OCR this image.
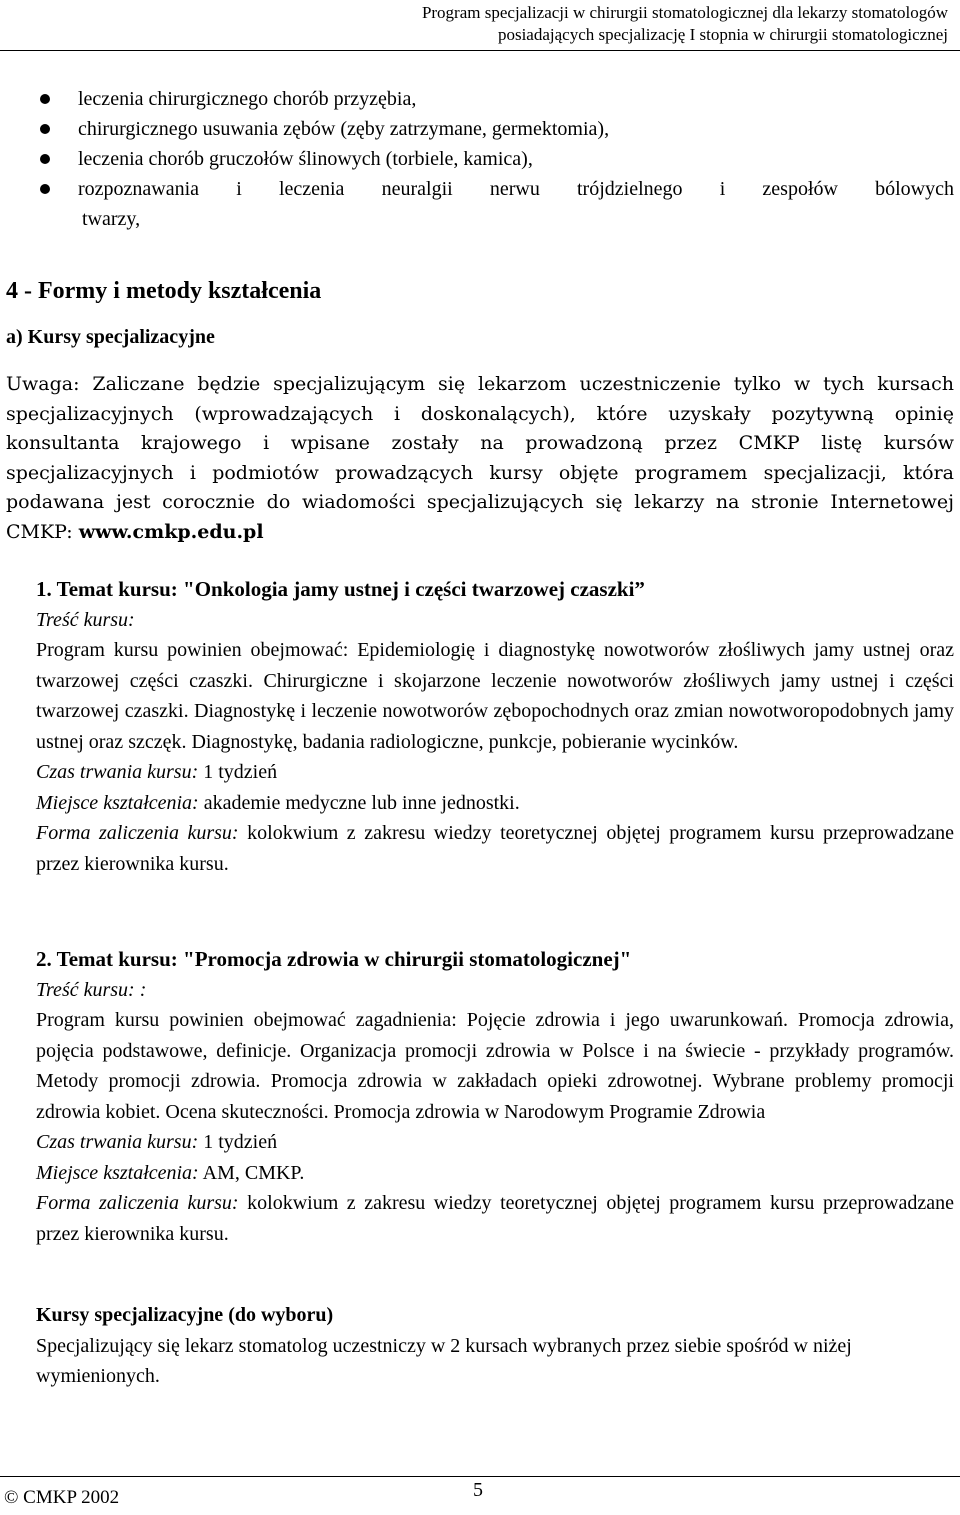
Program specjalizacji w chirurgii stomatologicznej dla lekarzy stomatologów
posiadających specjalizację I stopnia w chirurgii stomatologicznej
leczenia chirurgicznego chorób przyzębia,
chirurgicznego usuwania zębów (zęby zatrzymane, germektomia),
leczenia chorób gruczołów ślinowych (torbiele, kamica),
rozpoznawania i leczenia neuralgii nerwu trójdzielnego i zespołów bólowych
twarzy,
4 - Formy i metody kształcenia
a) Kursy specjalizacyjne
Uwaga: Zaliczane będzie specjalizującym się lekarzom uczestniczenie tylko w tych kursach specjalizacyjnych (wprowadzających i doskonalących), które uzyskały pozytywną opinię konsultanta krajowego i wpisane zostały na prowadzoną przez CMKP listę kursów specjalizacyjnych i podmiotów prowadzących kursy objęte programem specjalizacji, która podawana jest corocznie do wiadomości specjalizujących się lekarzy na stronie Internetowej CMKP: www.cmkp.edu.pl
1. Temat kursu: "Onkologia jamy ustnej i części twarzowej czaszki”
Treść kursu:
Program kursu powinien obejmować: Epidemiologię i diagnostykę nowotworów złośliwych jamy ustnej oraz twarzowej części czaszki. Chirurgiczne i skojarzone leczenie nowotworów złośliwych jamy ustnej i części twarzowej czaszki. Diagnostykę i leczenie nowotworów zębopochodnych oraz zmian nowotworopodobnych jamy ustnej oraz szczęk. Diagnostykę, badania radiologiczne, punkcje, pobieranie wycinków.
Czas trwania kursu: 1 tydzień
Miejsce kształcenia: akademie medyczne lub inne jednostki.
Forma zaliczenia kursu: kolokwium z zakresu wiedzy teoretycznej objętej programem kursu przeprowadzane przez kierownika kursu.
2. Temat kursu: "Promocja zdrowia w chirurgii stomatologicznej"
Treść kursu: :
Program kursu powinien obejmować zagadnienia: Pojęcie zdrowia i jego uwarunkowań. Promocja zdrowia, pojęcia podstawowe, definicje. Organizacja promocji zdrowia w Polsce i na świecie - przykłady programów. Metody promocji zdrowia. Promocja zdrowia w zakładach opieki zdrowotnej. Wybrane problemy promocji zdrowia kobiet. Ocena skuteczności. Promocja zdrowia w Narodowym Programie Zdrowia
Czas trwania kursu: 1 tydzień
Miejsce kształcenia: AM, CMKP.
Forma zaliczenia kursu: kolokwium z zakresu wiedzy teoretycznej objętej programem kursu przeprowadzane przez kierownika kursu.
Kursy specjalizacyjne (do wyboru)
Specjalizujący się lekarz stomatolog uczestniczy w 2 kursach wybranych przez siebie spośród w niżej wymienionych.
© CMKP 2002	5
